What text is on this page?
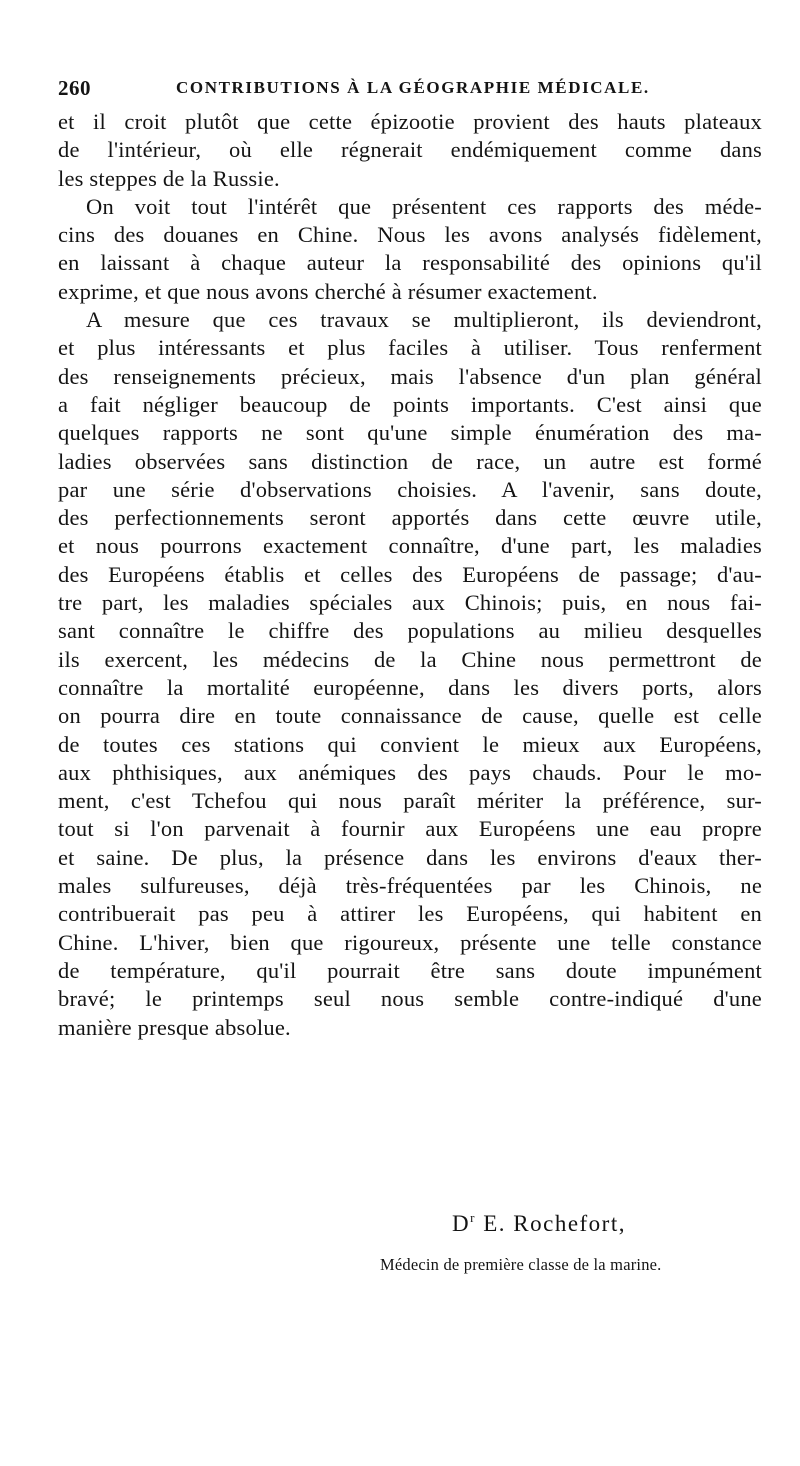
260	CONTRIBUTIONS À LA GÉOGRAPHIE MÉDICALE.
et il croit plutôt que cette épizootie provient des hauts plateaux
de l'intérieur, où elle régnerait endémiquement comme dans
les steppes de la Russie.
On voit tout l'intérêt que présentent ces rapports des méde-
cins des douanes en Chine. Nous les avons analysés fidèlement,
en laissant à chaque auteur la responsabilité des opinions qu'il
exprime, et que nous avons cherché à résumer exactement.
A mesure que ces travaux se multiplieront, ils deviendront,
et plus intéressants et plus faciles à utiliser. Tous renferment
des renseignements précieux, mais l'absence d'un plan général
a fait négliger beaucoup de points importants. C'est ainsi que
quelques rapports ne sont qu'une simple énumération des ma-
ladies observées sans distinction de race, un autre est formé
par une série d'observations choisies. A l'avenir, sans doute,
des perfectionnements seront apportés dans cette œuvre utile,
et nous pourrons exactement connaître, d'une part, les maladies
des Européens établis et celles des Européens de passage; d'au-
tre part, les maladies spéciales aux Chinois; puis, en nous fai-
sant connaître le chiffre des populations au milieu desquelles
ils exercent, les médecins de la Chine nous permettront de
connaître la mortalité européenne, dans les divers ports, alors
on pourra dire en toute connaissance de cause, quelle est celle
de toutes ces stations qui convient le mieux aux Européens,
aux phthisiques, aux anémiques des pays chauds. Pour le mo-
ment, c'est Tchefou qui nous paraît mériter la préférence, sur-
tout si l'on parvenait à fournir aux Européens une eau propre
et saine. De plus, la présence dans les environs d'eaux ther-
males sulfureuses, déjà très-fréquentées par les Chinois, ne
contribuerait pas peu à attirer les Européens, qui habitent en
Chine. L'hiver, bien que rigoureux, présente une telle constance
de température, qu'il pourrait être sans doute impunément
bravé; le printemps seul nous semble contre-indiqué d'une
manière presque absolue.
$D^r$ E. Rochefort,
Médecin de première classe de la marine.
